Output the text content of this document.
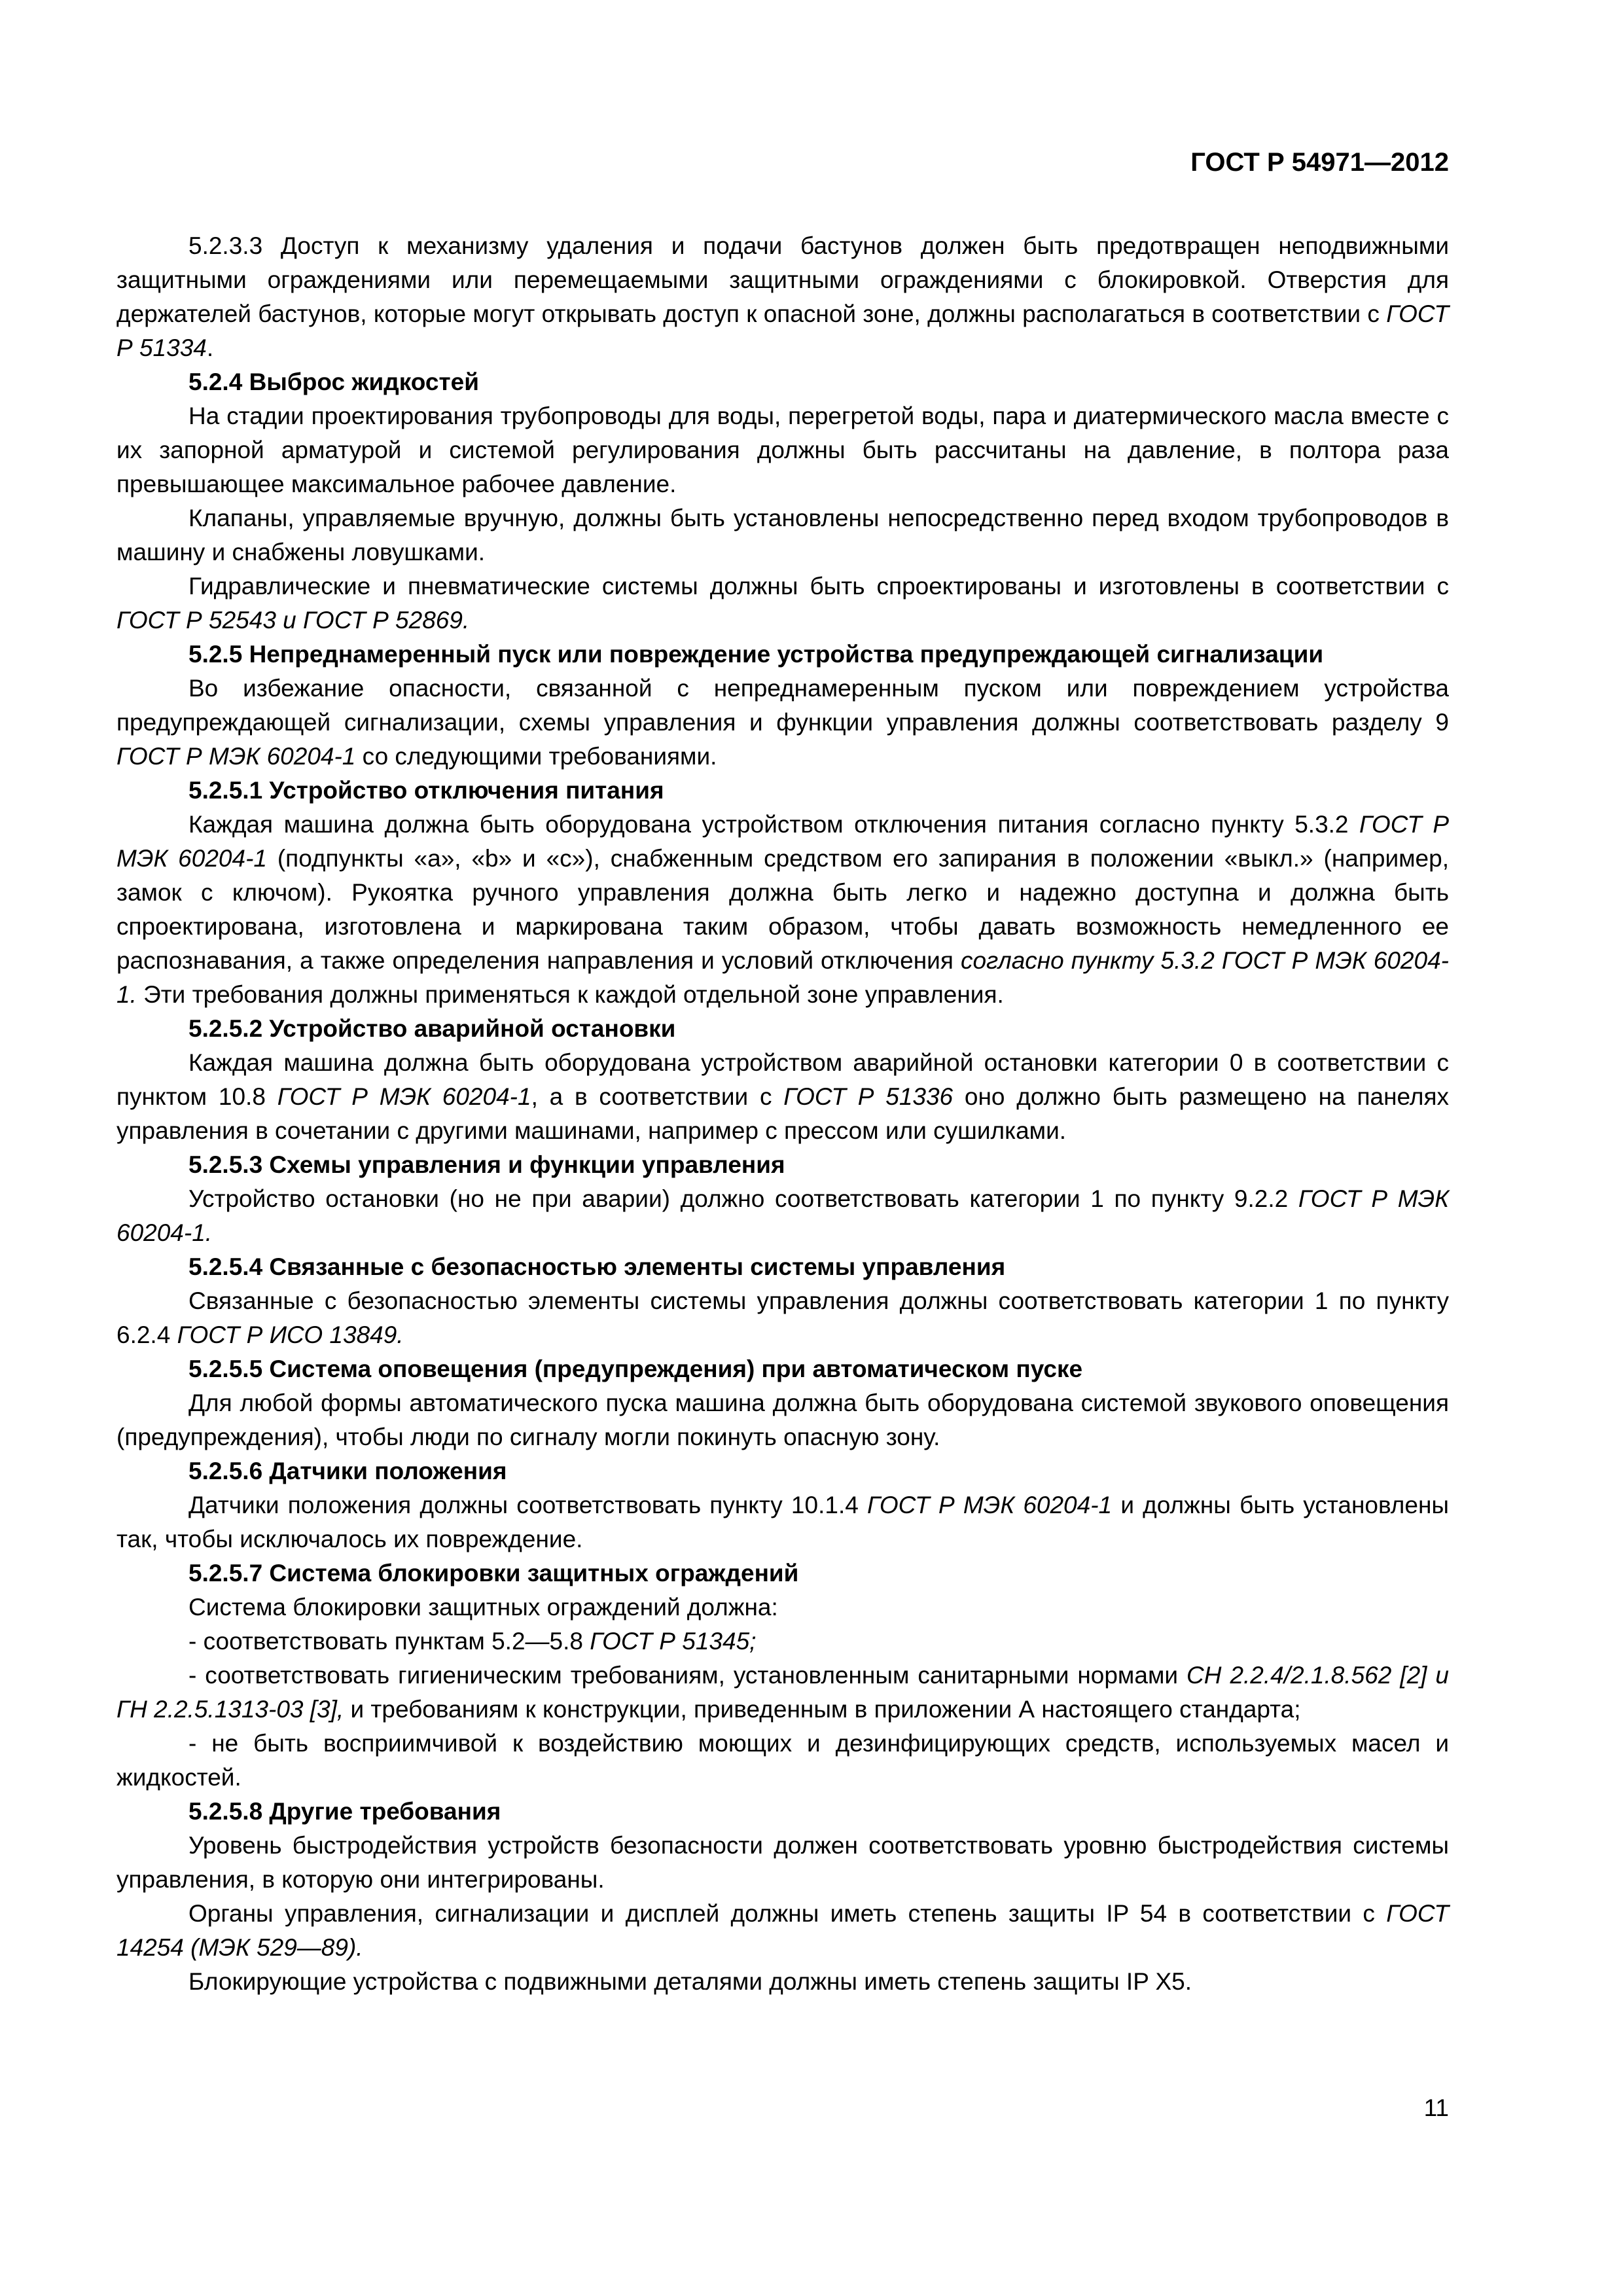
ГОСТ Р 54971—2012

5.2.3.3 Доступ к механизму удаления и подачи бастунов должен быть предотвращен неподвижными защитными ограждениями или перемещаемыми защитными ограждениями с блокировкой. Отверстия для держателей бастунов, которые могут открывать доступ к опасной зоне, должны располагаться в соответствии с ГОСТ Р 51334.

5.2.4 Выброс жидкостей

На стадии проектирования трубопроводы для воды, перегретой воды, пара и диатермического масла вместе с их запорной арматурой и системой регулирования должны быть рассчитаны на давление, в полтора раза превышающее максимальное рабочее давление.

Клапаны, управляемые вручную, должны быть установлены непосредственно перед входом трубопроводов в машину и снабжены ловушками.

Гидравлические и пневматические системы должны быть спроектированы и изготовлены в соответствии с ГОСТ Р 52543 и ГОСТ Р 52869.

5.2.5 Непреднамеренный пуск или повреждение устройства предупреждающей сигнализации

Во избежание опасности, связанной с непреднамеренным пуском или повреждением устройства предупреждающей сигнализации, схемы управления и функции управления должны соответствовать разделу 9 ГОСТ Р МЭК 60204-1 со следующими требованиями.

5.2.5.1 Устройство отключения питания

Каждая машина должна быть оборудована устройством отключения питания согласно пункту 5.3.2 ГОСТ Р МЭК 60204-1 (подпункты «a», «b» и «c»), снабженным средством его запирания в положении «выкл.» (например, замок с ключом). Рукоятка ручного управления должна быть легко и надежно доступна и должна быть спроектирована, изготовлена и маркирована таким образом, чтобы давать возможность немедленного ее распознавания, а также определения направления и условий отключения согласно пункту 5.3.2 ГОСТ Р МЭК 60204-1. Эти требования должны применяться к каждой отдельной зоне управления.

5.2.5.2 Устройство аварийной остановки

Каждая машина должна быть оборудована устройством аварийной остановки категории 0 в соответствии с пунктом 10.8 ГОСТ Р МЭК 60204-1, а в соответствии с ГОСТ Р 51336 оно должно быть размещено на панелях управления в сочетании с другими машинами, например с прессом или сушилками.

5.2.5.3 Схемы управления и функции управления

Устройство остановки (но не при аварии) должно соответствовать категории 1 по пункту 9.2.2 ГОСТ Р МЭК 60204-1.

5.2.5.4 Связанные с безопасностью элементы системы управления

Связанные с безопасностью элементы системы управления должны соответствовать категории 1 по пункту 6.2.4 ГОСТ Р ИСО 13849.

5.2.5.5 Система оповещения (предупреждения) при автоматическом пуске

Для любой формы автоматического пуска машина должна быть оборудована системой звукового оповещения (предупреждения), чтобы люди по сигналу могли покинуть опасную зону.

5.2.5.6 Датчики положения

Датчики положения должны соответствовать пункту 10.1.4 ГОСТ Р МЭК 60204-1 и должны быть установлены так, чтобы исключалось их повреждение.

5.2.5.7 Система блокировки защитных ограждений

Система блокировки защитных ограждений должна:

- соответствовать пунктам 5.2—5.8 ГОСТ Р 51345;

- соответствовать гигиеническим требованиям, установленным санитарными нормами СН 2.2.4/2.1.8.562 [2] и ГН 2.2.5.1313-03 [3], и требованиям к конструкции, приведенным в приложении А настоящего стандарта;

- не быть восприимчивой к воздействию моющих и дезинфицирующих средств, используемых масел и жидкостей.

5.2.5.8 Другие требования

Уровень быстродействия устройств безопасности должен соответствовать уровню быстродействия системы управления, в которую они интегрированы.

Органы управления, сигнализации и дисплей должны иметь степень защиты IP 54 в соответствии с ГОСТ 14254 (МЭК 529—89).

Блокирующие устройства с подвижными деталями должны иметь степень защиты IP X5.

11
